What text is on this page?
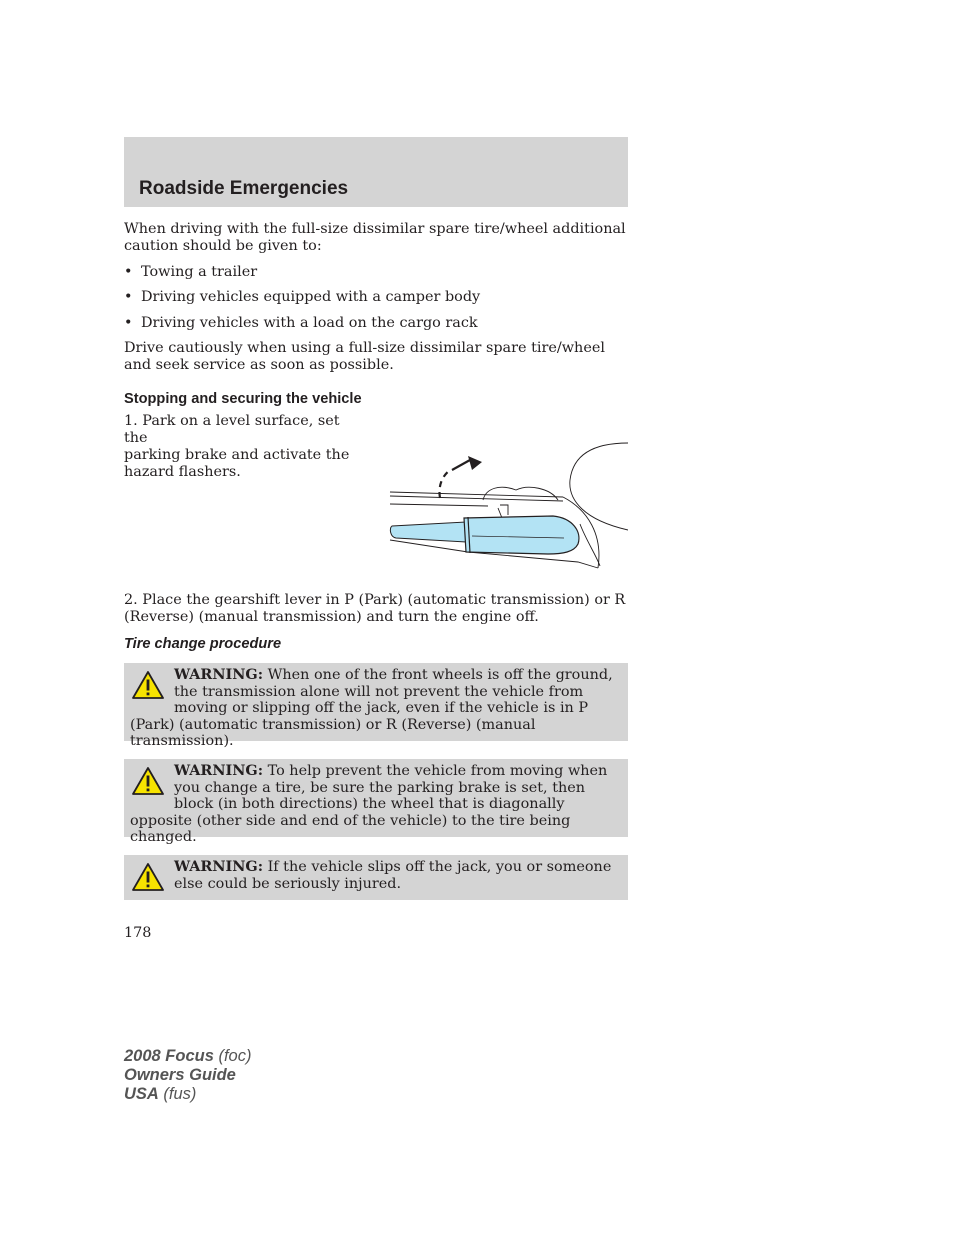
Roadside Emergencies

When driving with the full-size dissimilar spare tire/wheel additional caution should be given to:

• Towing a trailer
• Driving vehicles equipped with a camper body
• Driving vehicles with a load on the cargo rack

Drive cautiously when using a full-size dissimilar spare tire/wheel and seek service as soon as possible.

Stopping and securing the vehicle
1. Park on a level surface, set the
parking brake and activate the
hazard flashers.

2. Place the gearshift lever in P (Park) (automatic transmission) or R (Reverse) (manual transmission) and turn the engine off.

Tire change procedure
WARNING: When one of the front wheels is off the ground, the transmission alone will not prevent the vehicle from moving or slipping off the jack, even if the vehicle is in P (Park) (automatic transmission) or R (Reverse) (manual transmission).
WARNING: To help prevent the vehicle from moving when you change a tire, be sure the parking brake is set, then block (in both directions) the wheel that is diagonally opposite (other side and end of the vehicle) to the tire being changed.
WARNING: If the vehicle slips off the jack, you or someone else could be seriously injured.
178
2008 Focus (foc)
Owners Guide
USA (fus)
